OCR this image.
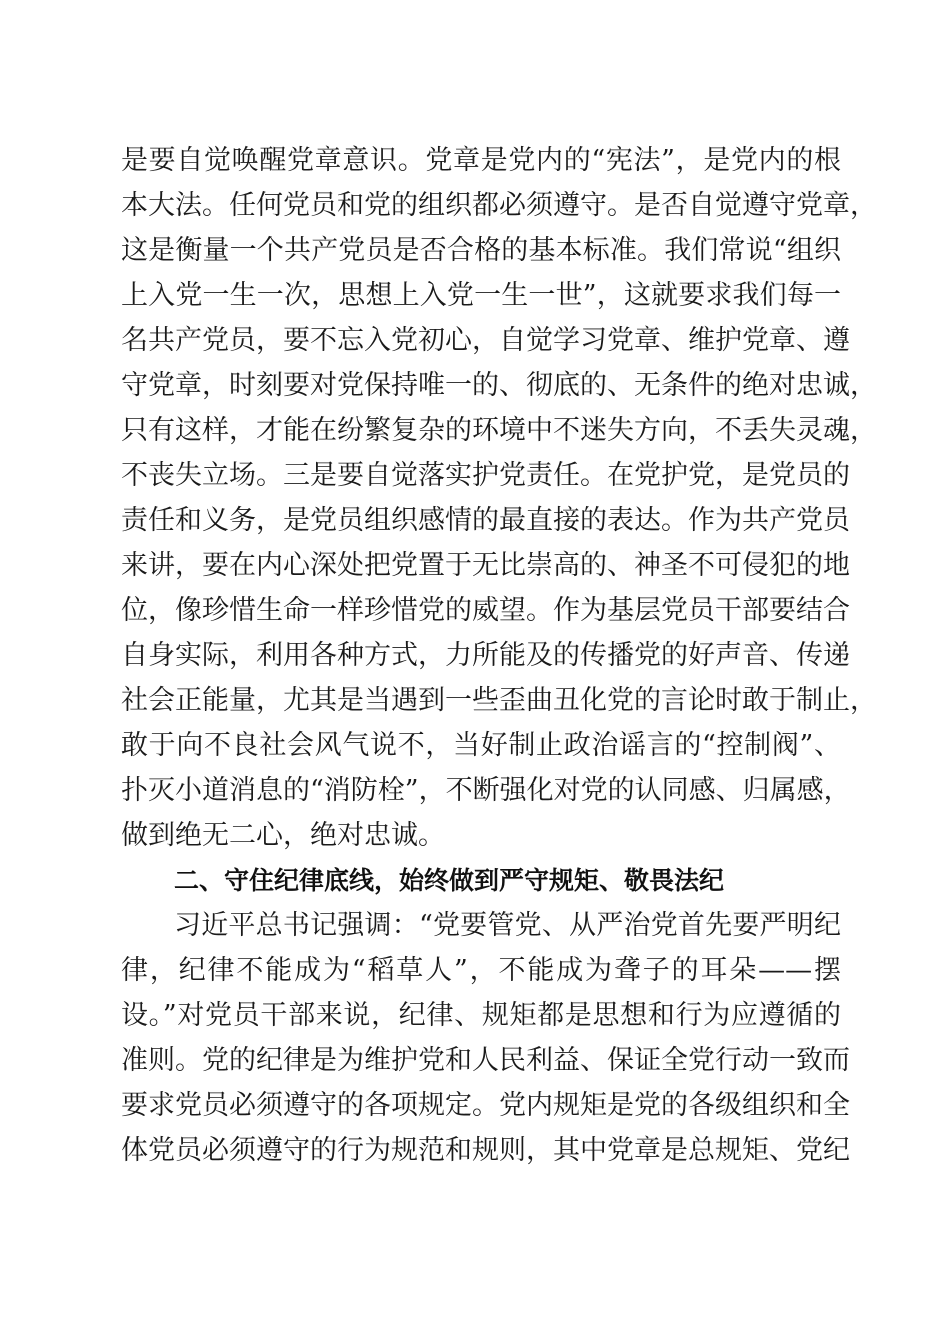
是要自觉唤醒党章意识。党章是党内的“宪法”，是党内的根
本大法。任何党员和党的组织都必须遵守。是否自觉遵守党章，
这是衡量一个共产党员是否合格的基本标准。我们常说“组织
上入党一生一次，思想上入党一生一世”，这就要求我们每一
名共产党员，要不忘入党初心，自觉学习党章、维护党章、遵
守党章，时刻要对党保持唯一的、彻底的、无条件的绝对忠诚，
只有这样，才能在纷繁复杂的环境中不迷失方向，不丢失灵魂，
不丧失立场。三是要自觉落实护党责任。在党护党，是党员的
责任和义务，是党员组织感情的最直接的表达。作为共产党员
来讲，要在内心深处把党置于无比崇高的、神圣不可侵犯的地
位，像珍惜生命一样珍惜党的威望。作为基层党员干部要结合
自身实际，利用各种方式，力所能及的传播党的好声音、传递
社会正能量，尤其是当遇到一些歪曲丑化党的言论时敢于制止，
敢于向不良社会风气说不，当好制止政治谣言的“控制阀”、
扑灭小道消息的“消防栓”，不断强化对党的认同感、归属感，
做到绝无二心，绝对忠诚。
二、守住纪律底线，始终做到严守规矩、敬畏法纪
习近平总书记强调：“党要管党、从严治党首先要严明纪
律，纪律不能成为“稻草人”，不能成为聋子的耳朵——摆
设。”对党员干部来说，纪律、规矩都是思想和行为应遵循的
准则。党的纪律是为维护党和人民利益、保证全党行动一致而
要求党员必须遵守的各项规定。党内规矩是党的各级组织和全
体党员必须遵守的行为规范和规则，其中党章是总规矩、党纪
